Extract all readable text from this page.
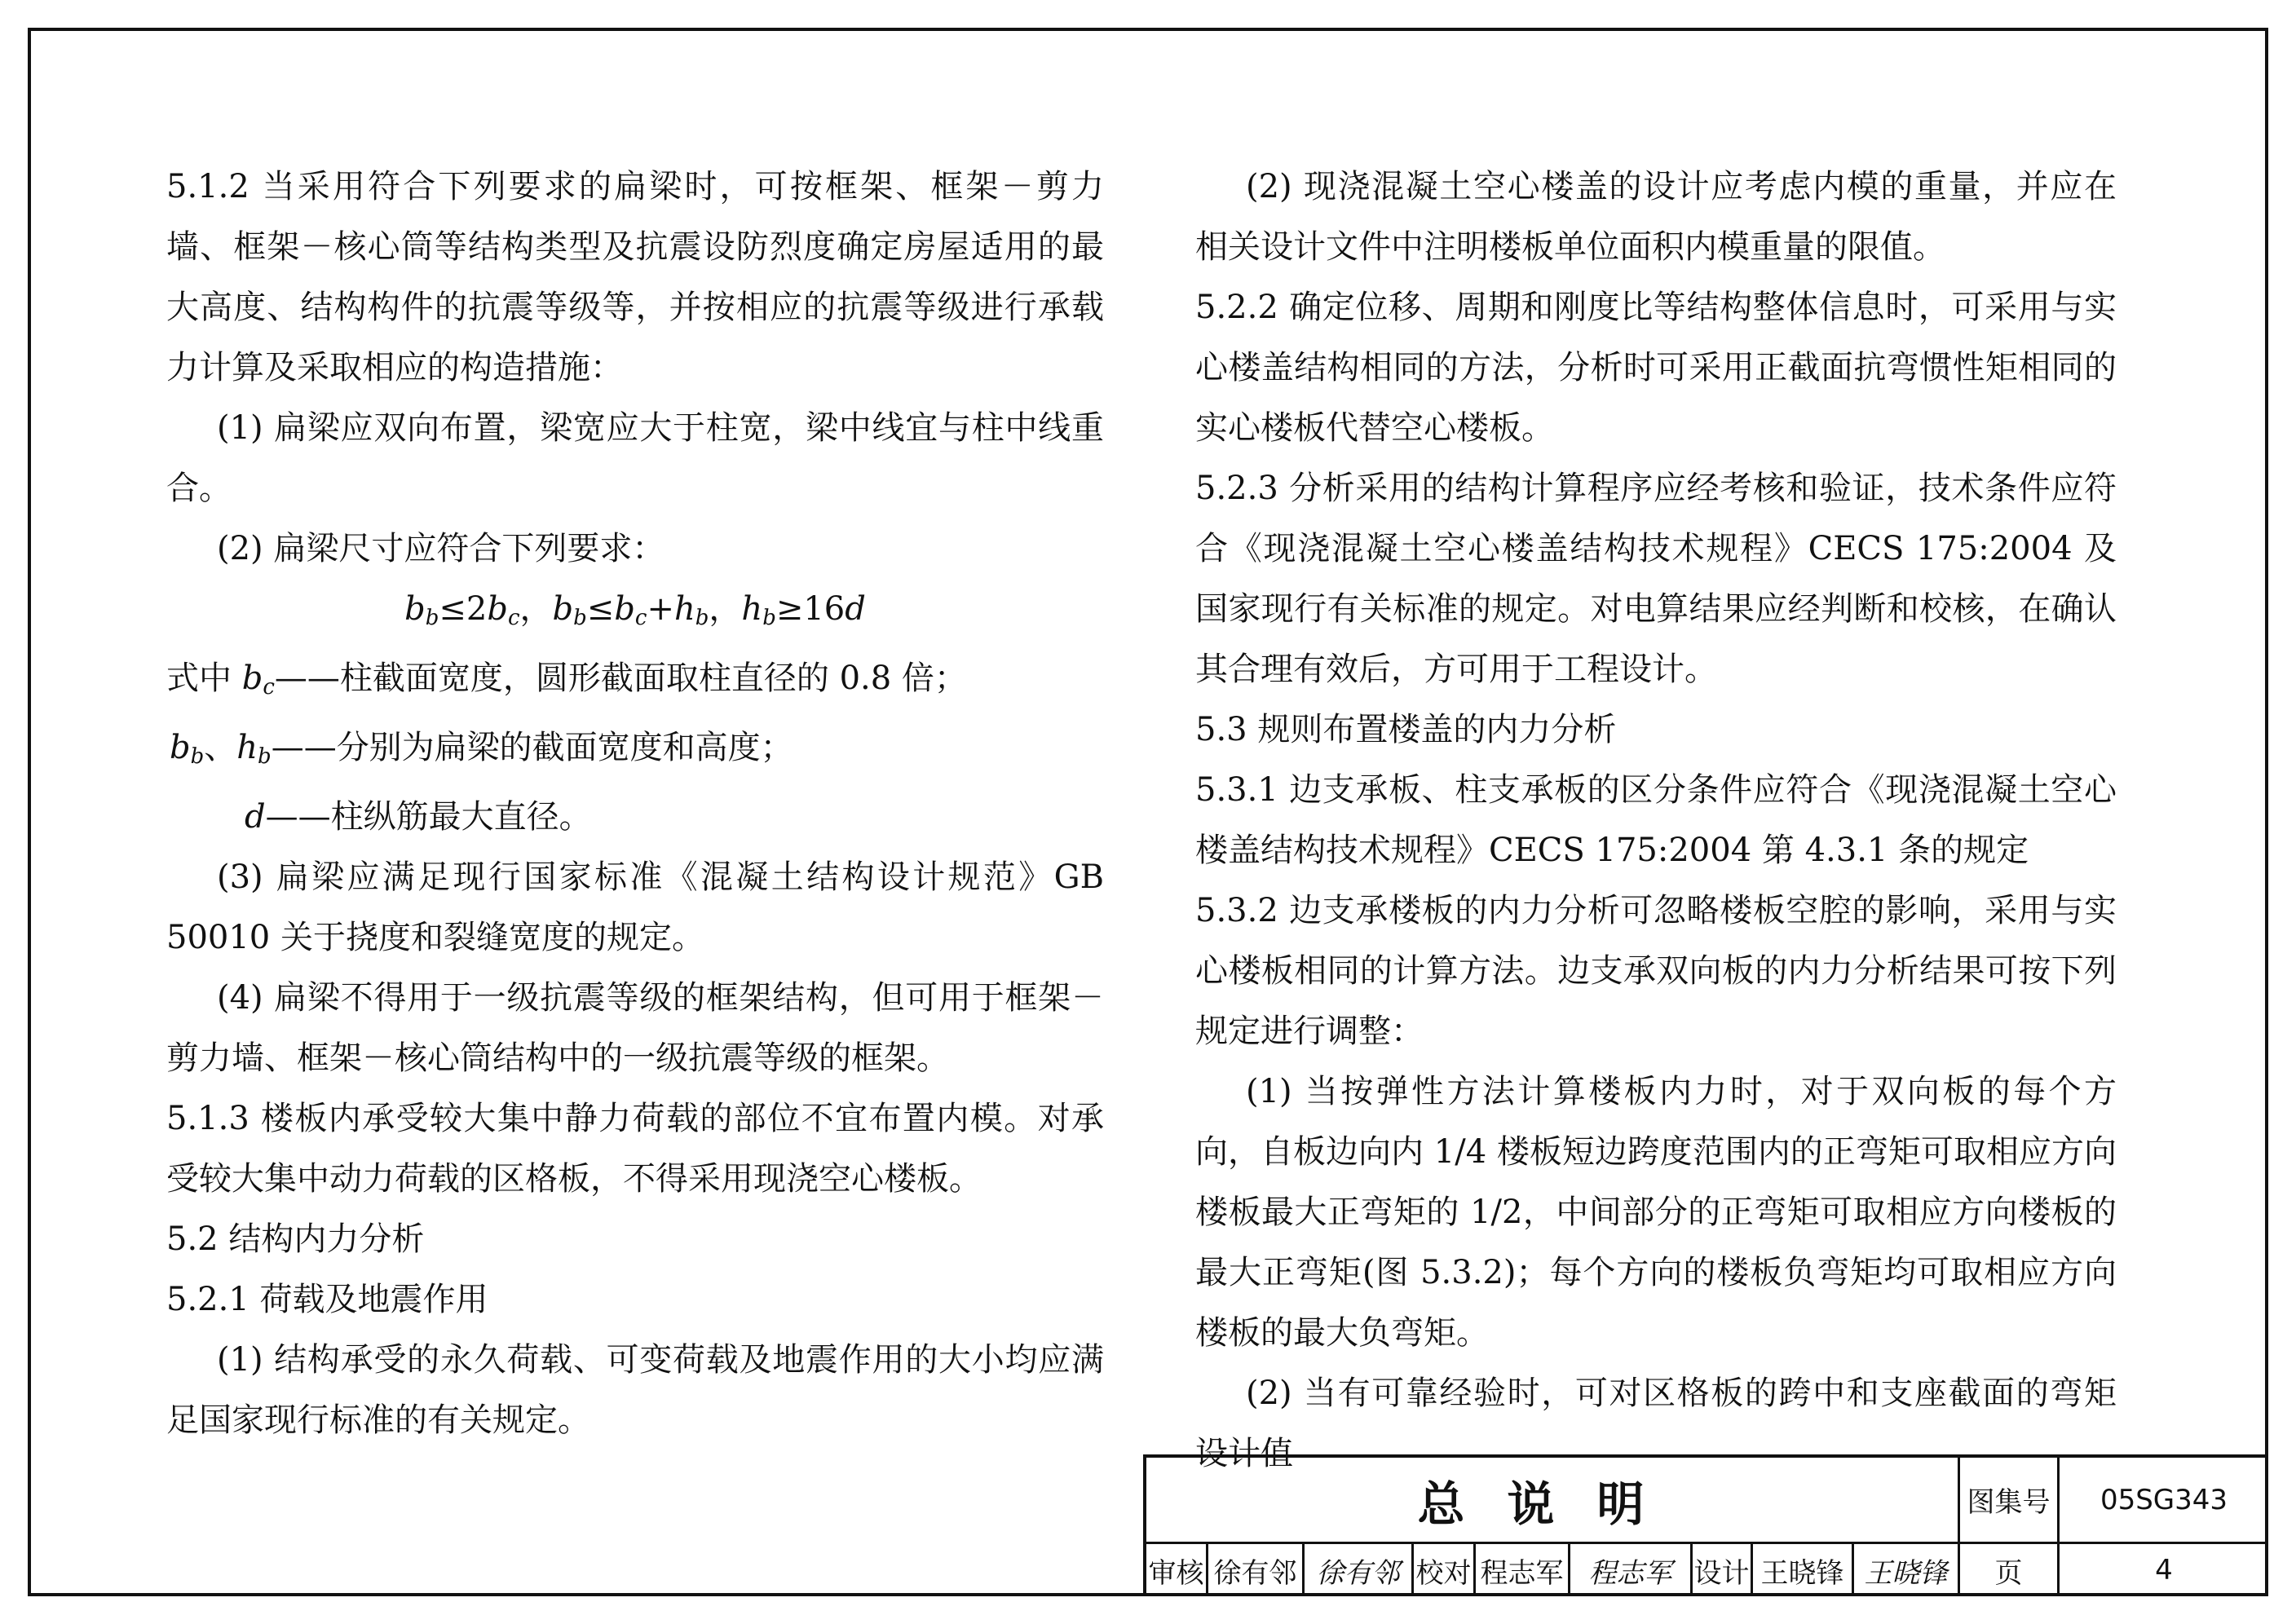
5.1.2 当采用符合下列要求的扁梁时，可按框架、框架－剪力墙、框架－核心筒等结构类型及抗震设防烈度确定房屋适用的最大高度、结构构件的抗震等级等，并按相应的抗震等级进行承载力计算及采取相应的构造措施：

(1) 扁梁应双向布置，梁宽应大于柱宽，梁中线宜与柱中线重合。

(2) 扁梁尺寸应符合下列要求：

$b_b\le 2b_c$，$b_b\le b_c+h_b$，$h_b\ge 16d$

式中 $b_c——$柱截面宽度，圆形截面取柱直径的 0.8 倍；

$b_b$、$h_b——$分别为扁梁的截面宽度和高度；

d——柱纵筋最大直径。

(3) 扁梁应满足现行国家标准《混凝土结构设计规范》GB 50010 关于挠度和裂缝宽度的规定。

(4) 扁梁不得用于一级抗震等级的框架结构，但可用于框架－剪力墙、框架－核心筒结构中的一级抗震等级的框架。

5.1.3 楼板内承受较大集中静力荷载的部位不宜布置内模。对承受较大集中动力荷载的区格板，不得采用现浇空心楼板。

5.2 结构内力分析

5.2.1 荷载及地震作用

(1) 结构承受的永久荷载、可变荷载及地震作用的大小均应满足国家现行标准的有关规定。

(2) 现浇混凝土空心楼盖的设计应考虑内模的重量，并应在相关设计文件中注明楼板单位面积内模重量的限值。

5.2.2 确定位移、周期和刚度比等结构整体信息时，可采用与实心楼盖结构相同的方法，分析时可采用正截面抗弯惯性矩相同的实心楼板代替空心楼板。

5.2.3 分析采用的结构计算程序应经考核和验证，技术条件应符合《现浇混凝土空心楼盖结构技术规程》CECS 175:2004 及国家现行有关标准的规定。对电算结果应经判断和校核，在确认其合理有效后，方可用于工程设计。

5.3 规则布置楼盖的内力分析

5.3.1 边支承板、柱支承板的区分条件应符合《现浇混凝土空心楼盖结构技术规程》CECS 175:2004 第 4.3.1 条的规定

5.3.2 边支承楼板的内力分析可忽略楼板空腔的影响，采用与实心楼板相同的计算方法。边支承双向板的内力分析结果可按下列规定进行调整：

(1) 当按弹性方法计算楼板内力时，对于双向板的每个方向，自板边向内 1/4 楼板短边跨度范围内的正弯矩可取相应方向楼板最大正弯矩的 1/2，中间部分的正弯矩可取相应方向楼板的最大正弯矩(图 5.3.2)；每个方向的楼板负弯矩均可取相应方向楼板的最大负弯矩。

(2) 当有可靠经验时，可对区格板的跨中和支座截面的弯矩设计值

总说明	图集号	05SG343
审核 徐有邻 徐有邻 校对 程志军 程志军 设计 王晓锋 王晓锋	页	4
